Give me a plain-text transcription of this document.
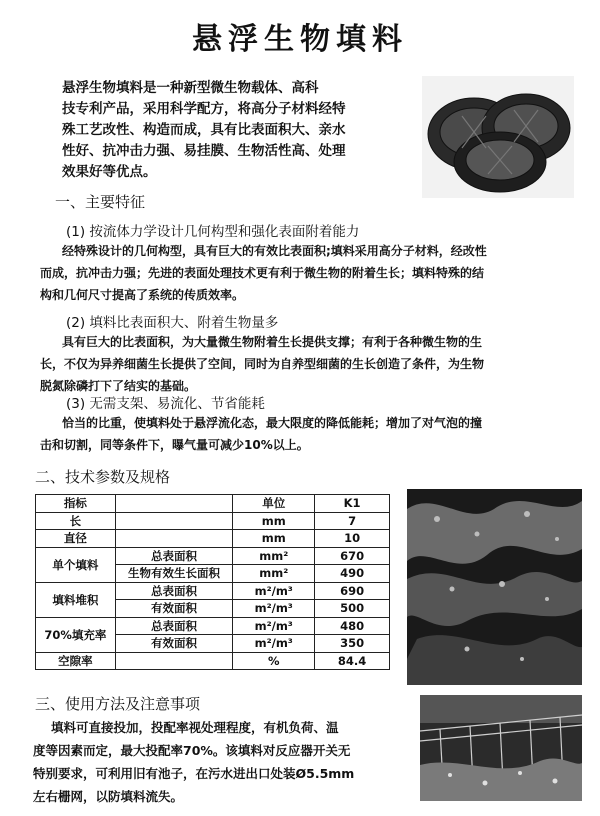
悬浮生物填料
悬浮生物填料是一种新型微生物载体、高科
技专利产品，采用科学配方，将高分子材料经特
殊工艺改性、构造而成，具有比表面积大、亲水
性好、抗冲击力强、易挂膜、生物活性高、处理
效果好等优点。
一、主要特征
(1) 按流体力学设计几何构型和强化表面附着能力
经特殊设计的几何构型，具有巨大的有效比表面积;填料采用高分子材料，经改性
而成，抗冲击力强；先进的表面处理技术更有利于微生物的附着生长；填料特殊的结
构和几何尺寸提高了系统的传质效率。
(2) 填料比表面积大、附着生物量多
具有巨大的比表面积，为大量微生物附着生长提供支撑；有利于各种微生物的生
长，不仅为异养细菌生长提供了空间，同时为自养型细菌的生长创造了条件，为生物
脱氮除磷打下了结实的基础。
(3) 无需支架、易流化、节省能耗
恰当的比重，使填料处于悬浮流化态，最大限度的降低能耗；增加了对气泡的撞
击和切割，同等条件下，曝气量可减少10%以上。
二、技术参数及规格
指标		单位	K1
长		mm	7
直径		mm	10
单个填料	总表面积	mm²	670
	生物有效生长面积	mm²	490
填料堆积	总表面积	m²/m³	690
	有效面积	m²/m³	500
70%填充率	总表面积	m²/m³	480
	有效面积	m²/m³	350
空隙率		%	84.4
三、使用方法及注意事项
填料可直接投加，投配率视处理程度，有机负荷、温
度等因素而定，最大投配率70%。该填料对反应器开关无
特别要求，可利用旧有池子，在污水进出口处装Ø5.5mm
左右栅网，以防填料流失。
